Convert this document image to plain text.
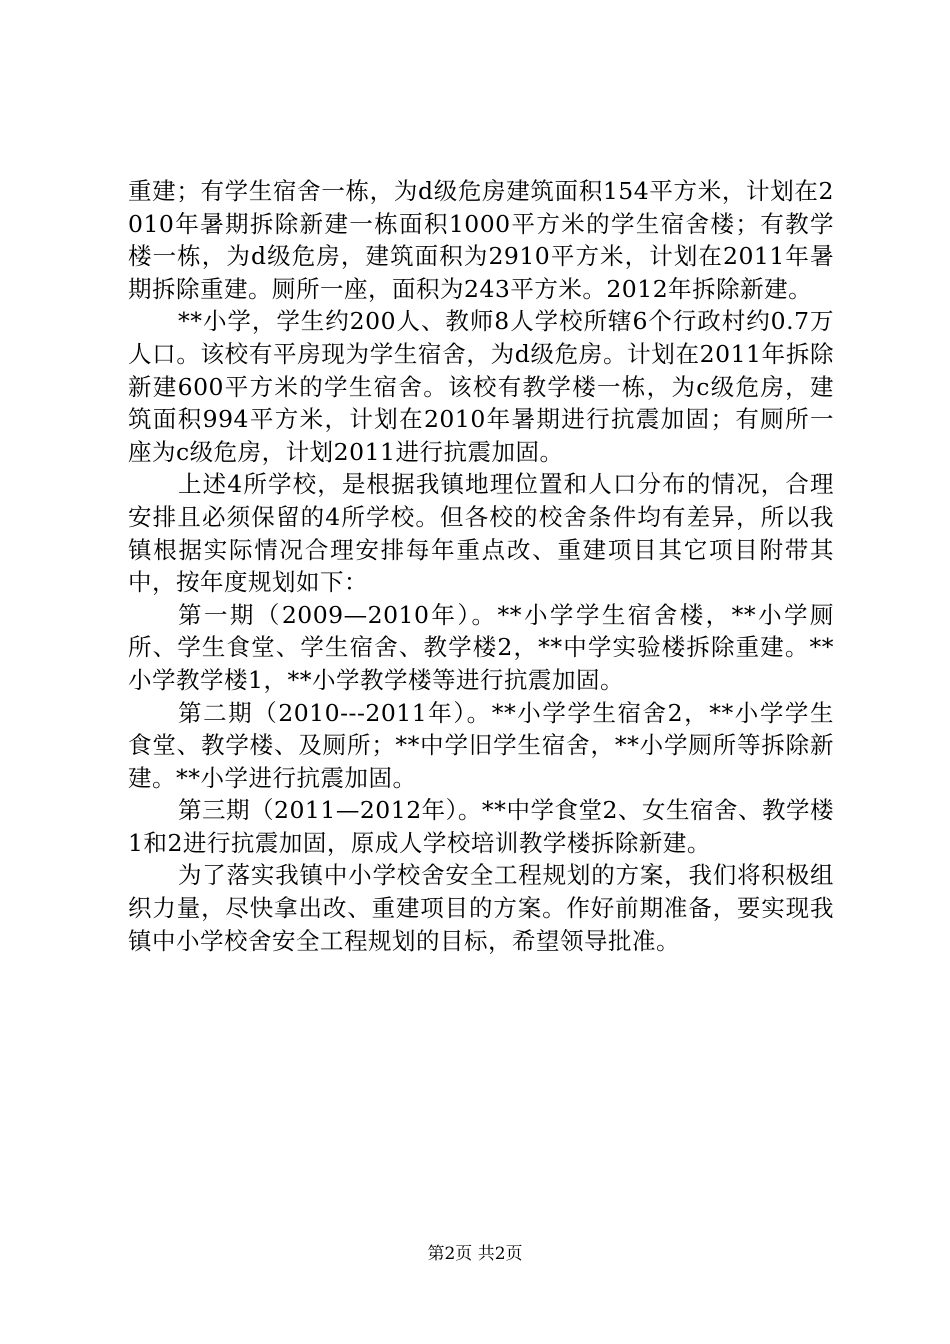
重建；有学生宿舍一栋，为d级危房建筑面积154平方米，计划在2010年暑期拆除新建一栋面积1000平方米的学生宿舍楼；有教学楼一栋，为d级危房，建筑面积为2910平方米，计划在2011年暑期拆除重建。厕所一座，面积为243平方米。2012年拆除新建。

**小学，学生约200人、教师8人学校所辖6个行政村约0.7万人口。该校有平房现为学生宿舍，为d级危房。计划在2011年拆除新建600平方米的学生宿舍。该校有教学楼一栋，为c级危房，建筑面积994平方米，计划在2010年暑期进行抗震加固；有厕所一座为c级危房，计划2011进行抗震加固。

上述4所学校，是根据我镇地理位置和人口分布的情况，合理安排且必须保留的4所学校。但各校的校舍条件均有差异，所以我镇根据实际情况合理安排每年重点改、重建项目其它项目附带其中，按年度规划如下：

第一期（2009—2010年）。**小学学生宿舍楼，**小学厕所、学生食堂、学生宿舍、教学楼2，**中学实验楼拆除重建。**小学教学楼1，**小学教学楼等进行抗震加固。

第二期（2010---2011年）。**小学学生宿舍2，**小学学生食堂、教学楼、及厕所；**中学旧学生宿舍，**小学厕所等拆除新建。**小学进行抗震加固。

第三期（2011—2012年）。**中学食堂2、女生宿舍、教学楼1和2进行抗震加固，原成人学校培训教学楼拆除新建。

为了落实我镇中小学校舍安全工程规划的方案，我们将积极组织力量，尽快拿出改、重建项目的方案。作好前期准备，要实现我镇中小学校舍安全工程规划的目标，希望领导批准。

第2页 共2页
